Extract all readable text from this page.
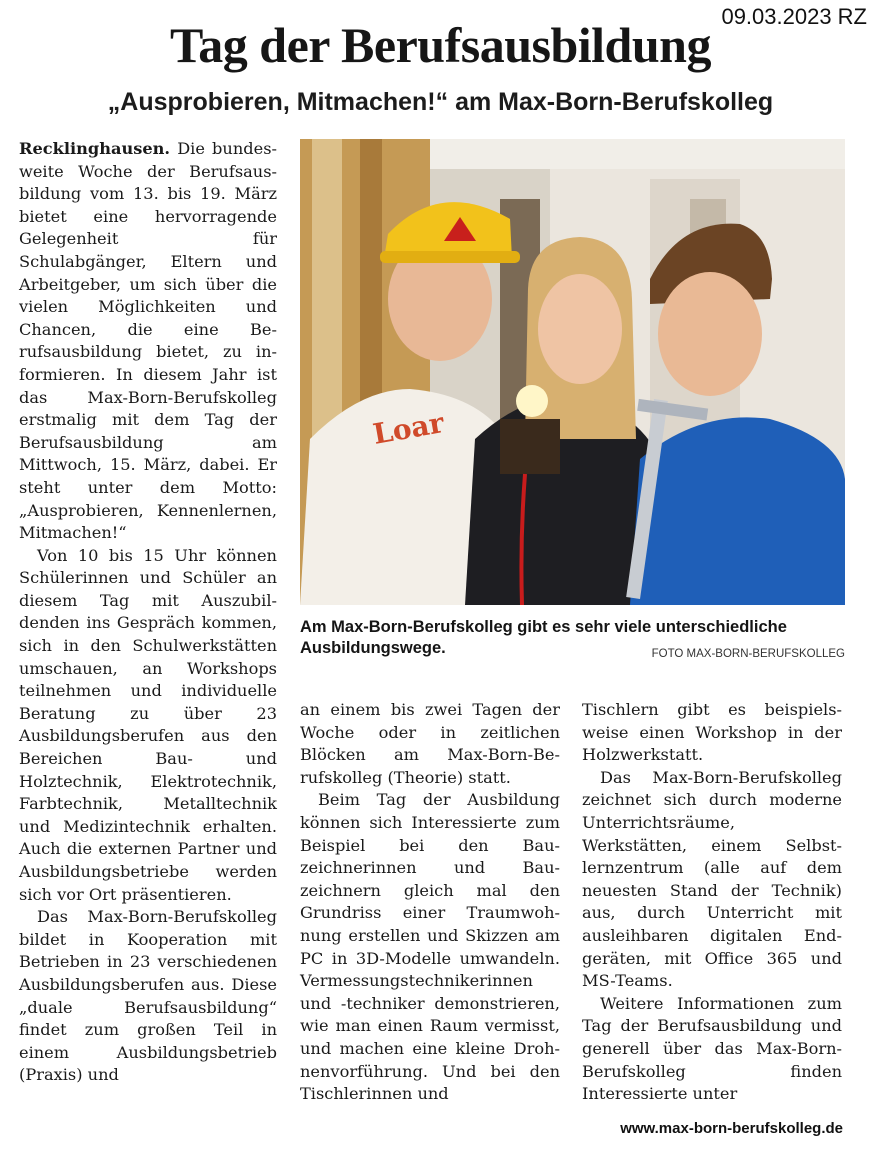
09.03.2023 RZ
Tag der Berufsausbildung
„Ausprobieren, Mitmachen!“ am Max-Born-Berufskolleg

Recklinghausen. Die bundesweite Woche der Berufsausbildung vom 13. bis 19. März bietet eine hervorragende Gelegenheit für Schulabgänger, Eltern und Arbeitgeber, um sich über die vielen Möglichkeiten und Chancen, die eine Berufsausbildung bietet, zu informieren. In diesem Jahr ist das Max-Born-Berufskolleg erstmalig mit dem Tag der Berufsausbildung am Mittwoch, 15. März, dabei. Er steht unter dem Motto: „Ausprobieren, Kennenlernen, Mitmachen!“

Von 10 bis 15 Uhr können Schülerinnen und Schüler an diesem Tag mit Auszubildenden ins Gespräch kommen, sich in den Schulwerkstätten umschauen, an Workshops teilnehmen und individuelle Beratung zu über 23 Ausbildungsberufen aus den Bereichen Bau- und Holztechnik, Elektrotechnik, Farbtechnik, Metalltechnik und Medizintechnik erhalten. Auch die externen Partner und Ausbildungsbetriebe werden sich vor Ort präsentieren.

Das Max-Born-Berufskolleg bildet in Kooperation mit Betrieben in 23 verschiedenen Ausbildungsberufen aus. Diese „duale Berufsausbildung“ findet zum großen Teil in einem Ausbildungsbetrieb (Praxis) und

Loar

Am Max-Born-Berufskolleg gibt es sehr viele unterschiedliche Ausbildungswege.	FOTO MAX-BORN-BERUFSKOLLEG

an einem bis zwei Tagen der Woche oder in zeitlichen Blöcken am Max-Born-Berufskolleg (Theorie) statt.

Beim Tag der Ausbildung können sich Interessierte zum Beispiel bei den Bauzeichnerinnen und Bauzeichnern gleich mal den Grundriss einer Traumwohnung erstellen und Skizzen am PC in 3D-Modelle umwandeln. Vermessungstechnikerinnen und -techniker demonstrieren, wie man einen Raum vermisst, und machen eine kleine Drohnenvorführung. Und bei den Tischlerinnen und

Tischlern gibt es beispielsweise einen Workshop in der Holzwerkstatt.

Das Max-Born-Berufskolleg zeichnet sich durch moderne Unterrichtsräume, Werkstätten, einem Selbstlernzentrum (alle auf dem neuesten Stand der Technik) aus, durch Unterricht mit ausleihbaren digitalen Endgeräten, mit Office 365 und MS-Teams.

Weitere Informationen zum Tag der Berufsausbildung und generell über das Max-Born-Berufskolleg finden Interessierte unter

www.max-born-berufskolleg.de
